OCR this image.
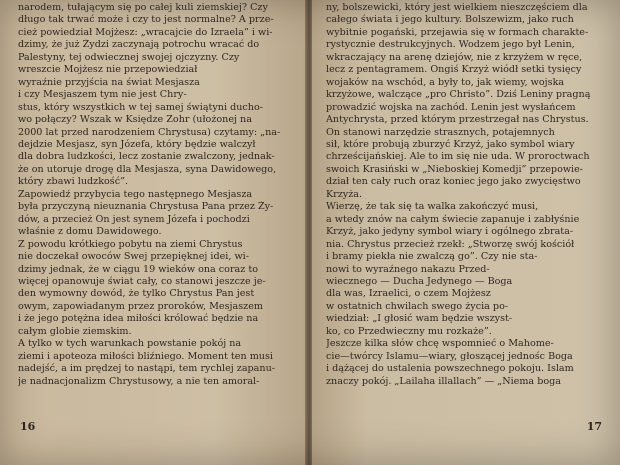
narodem, tułającym się po całej kuli ziemskiej? Czy
długo tak trwać może i czy to jest normalne? A prze-
cież powiedział Mojżesz: „wracajcie do Izraela” i wi-
dzimy, że już Żydzi zaczynają potrochu wracać do
Palestyny, tej odwiecznej swojej ojczyzny. Czy
wreszcie Mojżesz nie przepowiedział
wyraźnie przyjścia na świat Mesjasza
i czy Mesjaszem tym nie jest Chry-
stus, który wszystkich w tej samej świątyni ducho-
wo połączy? Wszak w Księdze Zohr (ułożonej na
2000 lat przed narodzeniem Chrystusa) czytamy: „na-
dejdzie Mesjasz, syn Józefa, który będzie walczył
dla dobra ludzkości, lecz zostanie zwalczony, jednak-
że on utoruje drogę dla Mesjasza, syna Dawidowego,
który zbawi ludzkość”.
Zapowiedź przybycia tego następnego Mesjasza
była przyczyną nieuznania Chrystusa Pana przez Ży-
dów, a przecież On jest synem Józefa i pochodzi
właśnie z domu Dawidowego.
Z powodu krótkiego pobytu na ziemi Chrystus
nie doczekał owoców Swej przepięknej idei, wi-
dzimy jednak, że w ciągu 19 wieków ona coraz to
więcej opanowuje świat cały, co stanowi jeszcze je-
den wymowny dowód, że tylko Chrystus Pan jest
owym, zapowiadanym przez proroków, Mesjaszem
i że jego potężna idea miłości królować będzie na
całym globie ziemskim.
A tylko w tych warunkach powstanie pokój na
ziemi i apoteoza miłości bliźniego. Moment ten musi
nadejść, a im prędzej to nastąpi, tem rychlej zapanu-
je nadnacjonalizm Chrystusowy, a nie ten amoral-
16
ny, bolszewicki, który jest wielkiem nieszczęściem dla
całego świata i jego kultury. Bolszewizm, jako ruch
wybitnie pogański, przejawia się w formach charakte-
rystycznie destrukcyjnych. Wodzem jego był Lenin,
wkraczający na arenę dziejów, nie z krzyżem w ręce,
lecz z pentagramem. Ongiś Krzyż wiódł setki tysięcy
wojaków na wschód, a były to, jak wiemy, wojska
krzyżowe, walczące „pro Christo”. Dziś Leniny pragną
prowadzić wojska na zachód. Lenin jest wysłańcem
Antychrysta, przed którym przestrzegał nas Chrystus.
On stanowi narzędzie strasznych, potajemnych
sił, które probują zburzyć Krzyż, jako symbol wiary
chrześcijańskiej. Ale to im się nie uda. W proroctwach
swoich Krasiński w „Nieboskiej Komedji” przepowie-
dział ten cały ruch oraz koniec jego jako zwycięstwo
Krzyża.
Wierzę, że tak się ta walka zakończyć musi,
a wtedy znów na całym świecie zapanuje i zabłyśnie
Krzyż, jako jedyny symbol wiary i ogólnego zbrata-
nia. Chrystus przecież rzekł: „Stworzę swój kościół
i bramy piekła nie zwalczą go”. Czy nie sta-
nowi to wyraźnego nakazu Przed-
wiecznego — Ducha Jedynego — Boga
dla was, Izraelici, o czem Mojżesz
w ostatnich chwilach swego życia po-
wiedział: „I głosić wam będzie wszyst-
ko, co Przedwieczny mu rozkaże”.
Jeszcze kilka słów chcę wspomnieć o Mahome-
cie—twórcy Islamu—wiary, głoszącej jednośc Boga
i dążącej do ustalenia powszechnego pokoju. Islam
znaczy pokój. „Lailaha illallach” — „Niema boga
17
